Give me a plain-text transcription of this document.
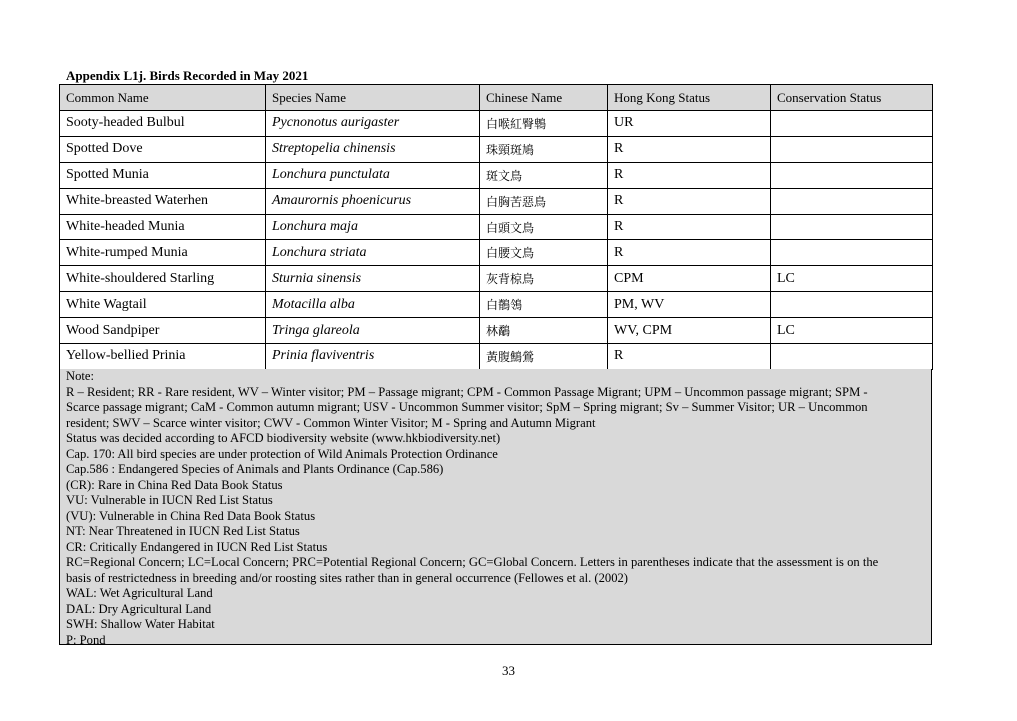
Appendix L1j. Birds Recorded in May 2021
Common Name	Species Name	Chinese Name	Hong Kong Status	Conservation Status
Sooty-headed Bulbul	Pycnonotus aurigaster	白喉紅臀鵯	UR	
Spotted Dove	Streptopelia chinensis	珠頸斑鳩	R	
Spotted Munia	Lonchura punctulata	斑文鳥	R	
White-breasted Waterhen	Amaurornis phoenicurus	白胸苦惡鳥	R	
White-headed Munia	Lonchura maja	白頭文鳥	R	
White-rumped Munia	Lonchura striata	白腰文鳥	R	
White-shouldered Starling	Sturnia sinensis	灰背椋鳥	CPM	LC
White Wagtail	Motacilla alba	白鶺鴒	PM, WV	
Wood Sandpiper	Tringa glareola	林鷸	WV, CPM	LC
Yellow-bellied Prinia	Prinia flaviventris	黃腹鷦鶯	R	
Note:
R – Resident; RR - Rare resident, WV – Winter visitor; PM – Passage migrant; CPM - Common Passage Migrant; UPM – Uncommon passage migrant; SPM -
Scarce passage migrant; CaM - Common autumn migrant; USV - Uncommon Summer visitor; SpM – Spring migrant; Sv – Summer Visitor; UR – Uncommon
resident; SWV – Scarce winter visitor; CWV - Common Winter Visitor; M - Spring and Autumn Migrant
Status was decided according to AFCD biodiversity website (www.hkbiodiversity.net)
Cap. 170: All bird species are under protection of Wild Animals Protection Ordinance
Cap.586 : Endangered Species of Animals and Plants Ordinance (Cap.586)
(CR): Rare in China Red Data Book Status
VU: Vulnerable in IUCN Red List Status
(VU): Vulnerable in China Red Data Book Status
NT: Near Threatened in IUCN Red List Status
CR: Critically Endangered in IUCN Red List Status
RC=Regional Concern; LC=Local Concern; PRC=Potential Regional Concern; GC=Global Concern. Letters in parentheses indicate that the assessment is on the
basis of restrictedness in breeding and/or roosting sites rather than in general occurrence (Fellowes et al. (2002)
WAL: Wet Agricultural Land
DAL: Dry Agricultural Land
SWH: Shallow Water Habitat
P: Pond
33
